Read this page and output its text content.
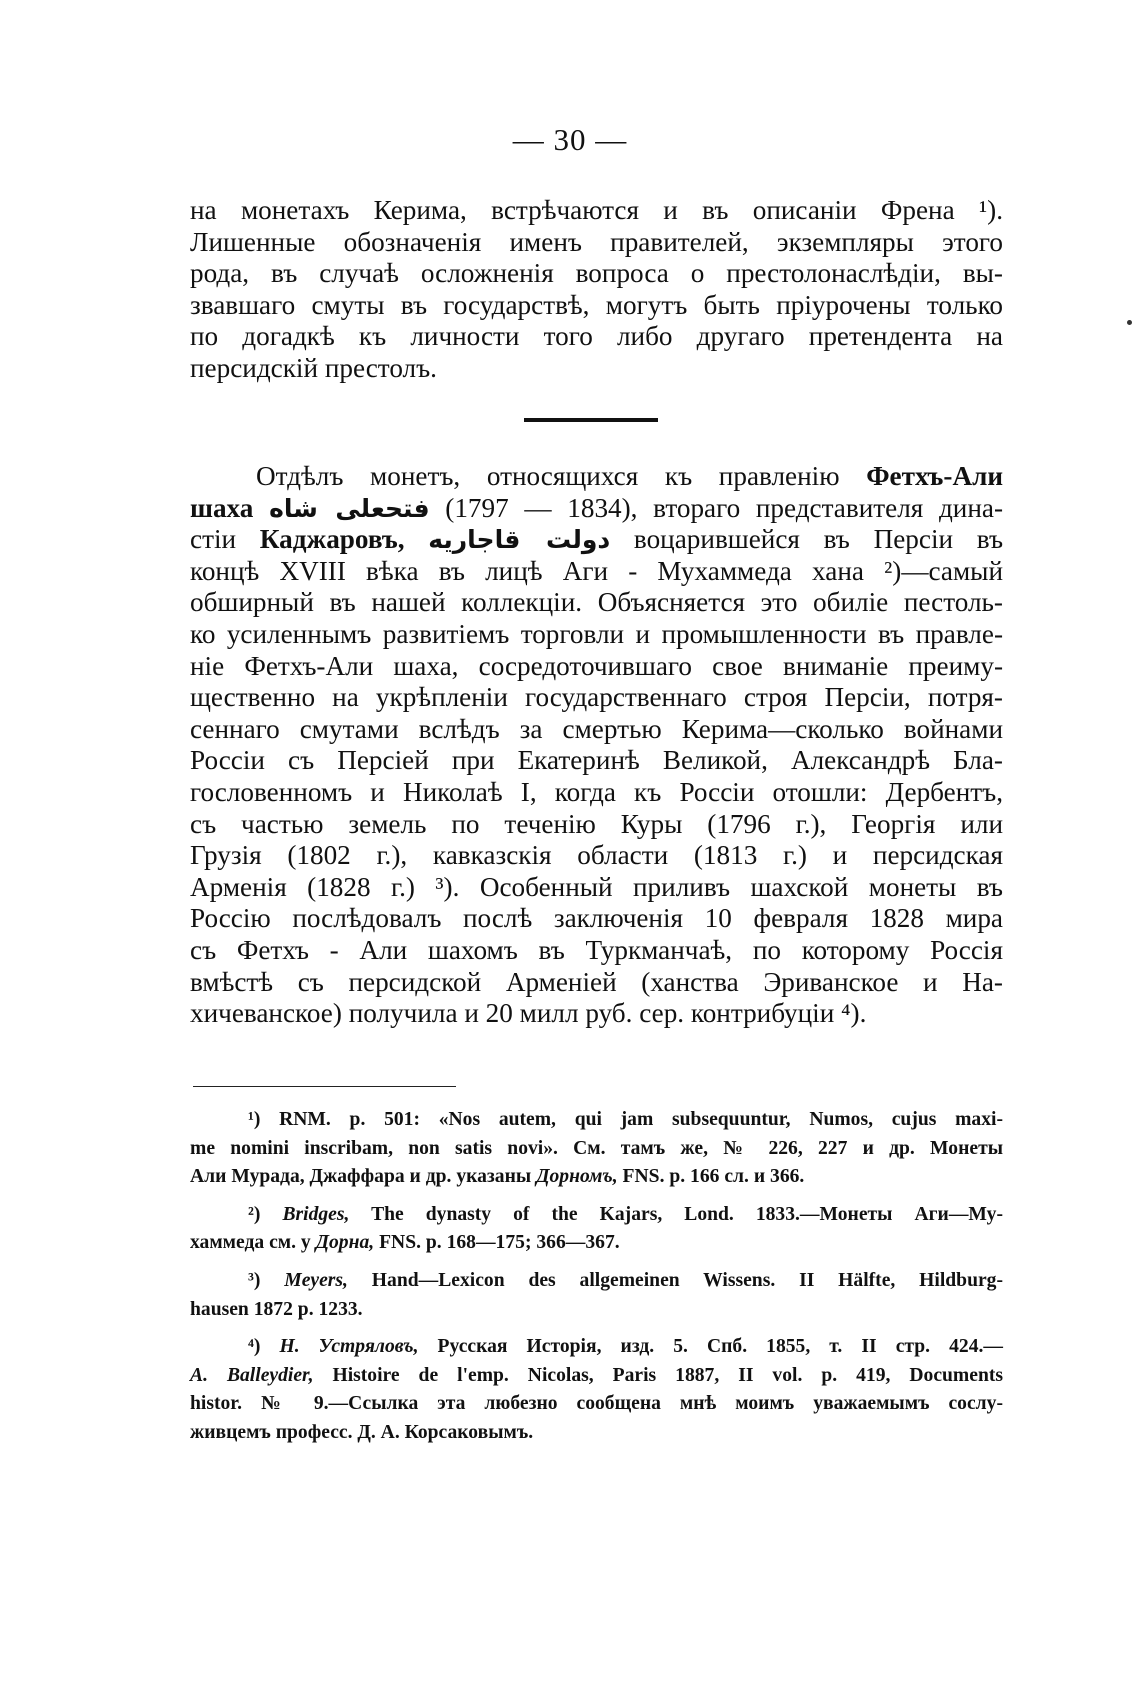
— 30 —
на монетахъ Керима, встрѣчаются и въ описаніи Френа ¹).
Лишенные обозначенія именъ правителей, экземпляры этого
рода, въ случаѣ осложненія вопроса о престолонаслѣдіи, вы-
звавшаго смуты въ государствѣ, могутъ быть пріурочены только
по догадкѣ къ личности того либо другаго претендента на
персидскій престолъ.
Отдѣлъ монетъ, относящихся къ правленію Фетхъ-Али
шаха فتحعلى شاه (1797 — 1834), втораго представителя дина-
стіи Каджаровъ, دولت قاجاريه воцарившейся въ Персіи въ
концѣ XVIII вѣка въ лицѣ Аги - Мухаммеда хана ²)—самый
обширный въ нашей коллекціи. Объясняется это обиліе пестоль-
ко усиленнымъ развитіемъ торговли и промышленности въ правле-
ніе Фетхъ-Али шаха, сосредоточившаго свое вниманіе преиму-
щественно на укрѣпленіи государственнаго строя Персіи, потря-
сеннаго смутами вслѣдъ за смертью Керима—сколько войнами
Россіи съ Персіей при Екатеринѣ Великой, Александрѣ Бла-
гословенномъ и Николаѣ I, когда къ Россіи отошли: Дербентъ,
съ частью земель по теченію Куры (1796 г.), Георгія или
Грузія (1802 г.), кавказскія области (1813 г.) и персидская
Арменія (1828 г.) ³). Особенный приливъ шахской монеты въ
Россію послѣдовалъ послѣ заключенія 10 февраля 1828 мира
съ Фетхъ - Али шахомъ въ Туркманчаѣ, по которому Россія
вмѣстѣ съ персидской Арменіей (ханства Эриванское и На-
хичеванское) получила и 20 милл руб. сер. контрибуціи ⁴).
¹) RNM. p. 501: «Nos autem, qui jam subsequuntur, Numos, cujus maxi-
me nomini inscribam, non satis novi». См. тамъ же, № 226, 227 и др. Монеты
Али Мурада, Джаффара и др. указаны Дорномъ, FNS. p. 166 сл. и 366.
²) Bridges, The dynasty of the Kajars, Lond. 1833.—Монеты Аги—Му-
хаммеда см. у Дорна, FNS. p. 168—175; 366—367.
³) Meyers, Hand—Lexicon des allgemeinen Wissens. II Hälfte, Hildburg-
hausen 1872 p. 1233.
⁴) Н. Устряловъ, Русская Исторія, изд. 5. Спб. 1855, т. II стр. 424.—
A. Balleydier, Histoire de l'emp. Nicolas, Paris 1887, II vol. p. 419, Documents
histor. № 9.—Ссылка эта любезно сообщена мнѣ моимъ уважаемымъ сослу-
живцемъ професс. Д. А. Корсаковымъ.
